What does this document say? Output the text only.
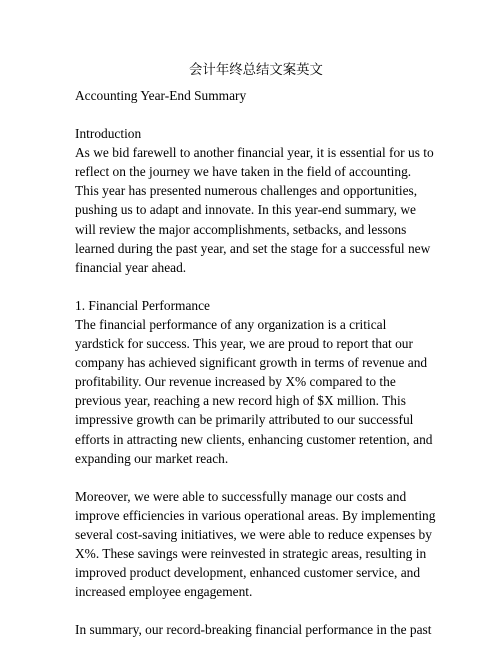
会计年终总结文案英文
Accounting Year-End Summary
Introduction
As we bid farewell to another financial year, it is essential for us to reflect on the journey we have taken in the field of accounting. This year has presented numerous challenges and opportunities, pushing us to adapt and innovate. In this year-end summary, we will review the major accomplishments, setbacks, and lessons learned during the past year, and set the stage for a successful new financial year ahead.
1. Financial Performance
The financial performance of any organization is a critical yardstick for success. This year, we are proud to report that our company has achieved significant growth in terms of revenue and profitability. Our revenue increased by X% compared to the previous year, reaching a new record high of $X million. This impressive growth can be primarily attributed to our successful efforts in attracting new clients, enhancing customer retention, and expanding our market reach.
Moreover, we were able to successfully manage our costs and improve efficiencies in various operational areas. By implementing several cost-saving initiatives, we were able to reduce expenses by X%. These savings were reinvested in strategic areas, resulting in improved product development, enhanced customer service, and increased employee engagement.
In summary, our record-breaking financial performance in the past
